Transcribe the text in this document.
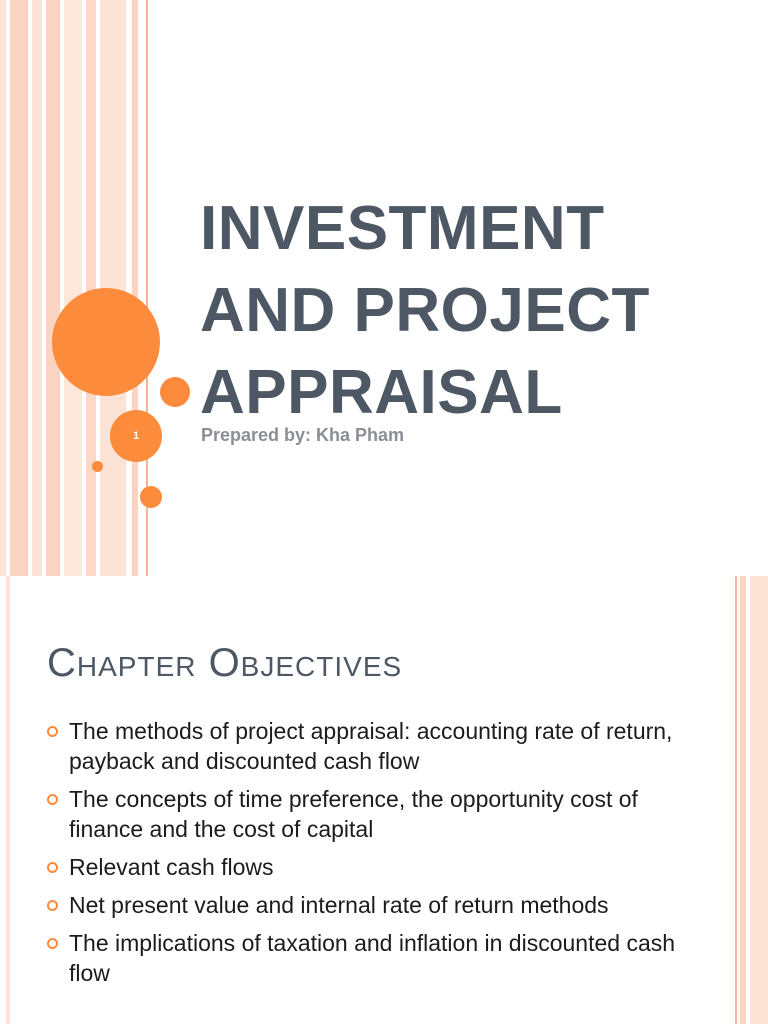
1
INVESTMENT
AND PROJECT
APPRAISAL
Prepared by: Kha Pham
Chapter Objectives
The methods of project appraisal: accounting rate of return, payback and discounted cash flow
The concepts of time preference, the opportunity cost of finance and the cost of capital
Relevant cash flows
Net present value and internal rate of return methods
The implications of taxation and inflation in discounted cash flow
